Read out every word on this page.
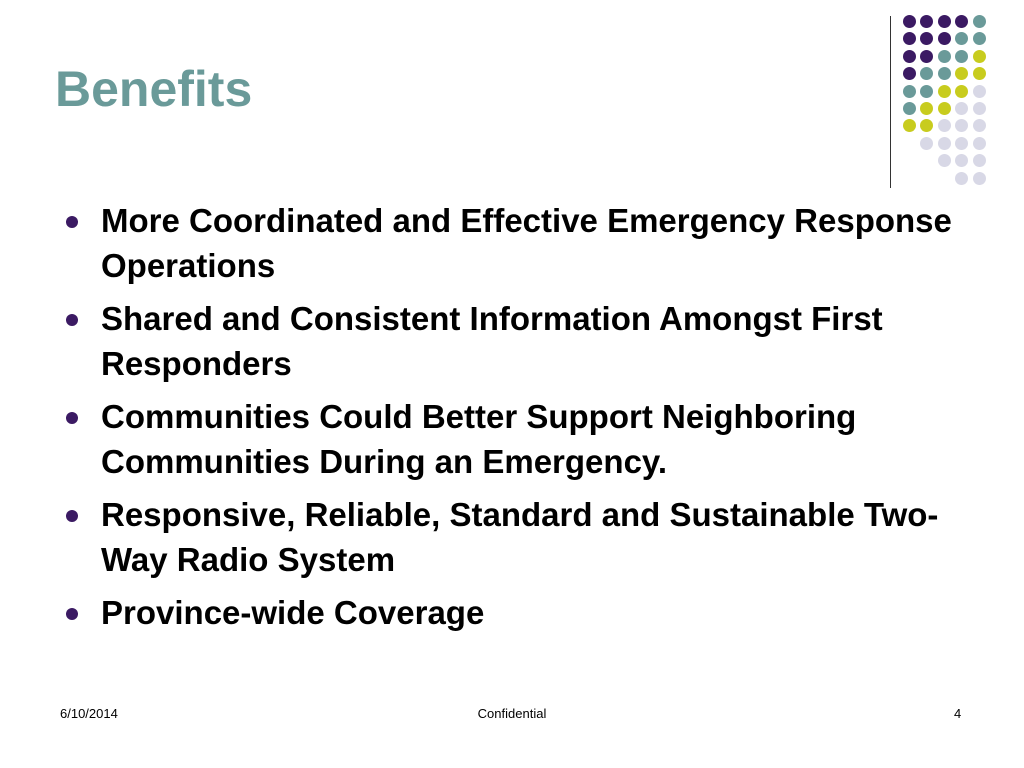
Benefits
More Coordinated and Effective Emergency Response Operations
Shared and Consistent Information Amongst First Responders
Communities Could Better Support Neighboring Communities During an Emergency.
Responsive, Reliable, Standard and Sustainable Two-Way Radio System
Province-wide Coverage
6/10/2014	Confidential	4
